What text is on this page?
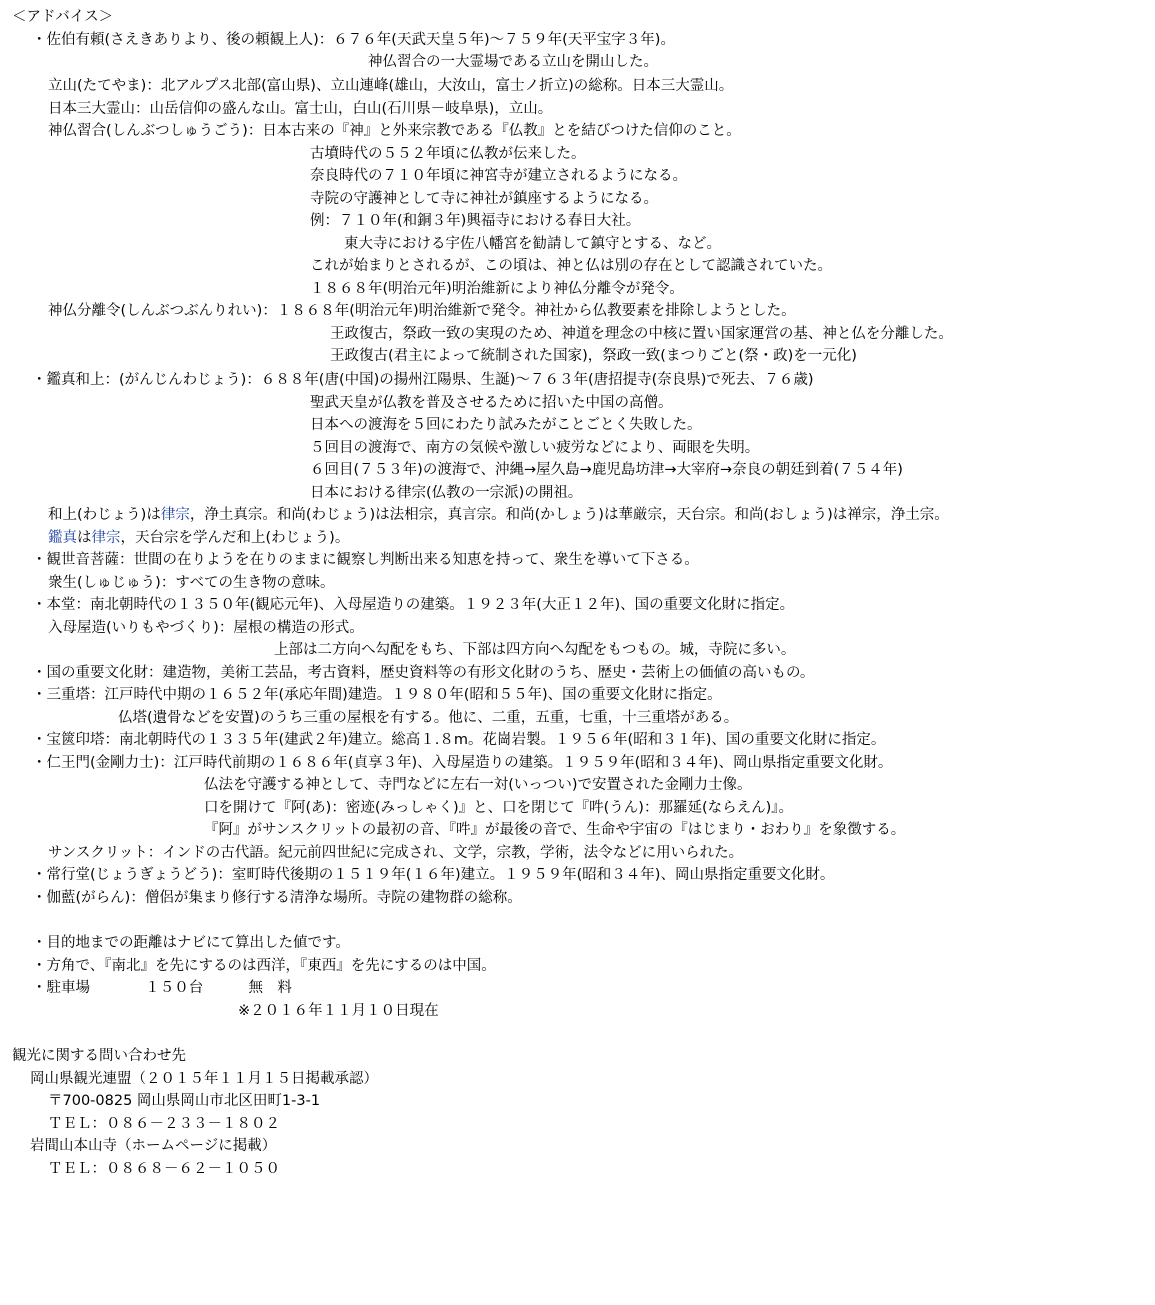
＜アドバイス＞
・佐伯有頼(さえきありより、後の頼観上人)：６７６年(天武天皇５年)～７５９年(天平宝字３年)。
神仏習合の一大霊場である立山を開山した。
立山(たてやま)：北アルプス北部(富山県)、立山連峰(雄山，大汝山，富士ノ折立)の総称。日本三大霊山。
日本三大霊山：山岳信仰の盛んな山。富士山，白山(石川県－岐阜県)，立山。
神仏習合(しんぶつしゅうごう)：日本古来の『神』と外来宗教である『仏教』とを結びつけた信仰のこと。
古墳時代の５５２年頃に仏教が伝来した。
奈良時代の７１０年頃に神宮寺が建立されるようになる。
寺院の守護神として寺に神社が鎮座するようになる。
例：７１０年(和銅３年)興福寺における春日大社。
東大寺における宇佐八幡宮を勧請して鎮守とする、など。
これが始まりとされるが、この頃は、神と仏は別の存在として認識されていた。
１８６８年(明治元年)明治維新により神仏分離令が発令。
神仏分離令(しんぶつぶんりれい)：１８６８年(明治元年)明治維新で発令。神社から仏教要素を排除しようとした。
王政復古，祭政一致の実現のため、神道を理念の中核に置い国家運営の基、神と仏を分離した。
王政復古(君主によって統制された国家)，祭政一致(まつりごと(祭・政)を一元化)
・鑑真和上：(がんじんわじょう)：６８８年(唐(中国)の揚州江陽県、生誕)～７６３年(唐招提寺(奈良県)で死去、７６歳)
聖武天皇が仏教を普及させるために招いた中国の高僧。
日本への渡海を５回にわたり試みたがことごとく失敗した。
５回目の渡海で、南方の気候や激しい疲労などにより、両眼を失明。
６回目(７５３年)の渡海で、沖縄→屋久島→鹿児島坊津→大宰府→奈良の朝廷到着(７５４年)
日本における律宗(仏教の一宗派)の開祖。
和上(わじょう)は律宗，浄土真宗。和尚(わじょう)は法相宗，真言宗。和尚(かしょう)は華厳宗，天台宗。和尚(おしょう)は禅宗，浄土宗。
鑑真は律宗，天台宗を学んだ和上(わじょう)。
・観世音菩薩：世間の在りようを在りのままに観察し判断出来る知恵を持って、衆生を導いて下さる。
衆生(しゅじゅう)：すべての生き物の意味。
・本堂：南北朝時代の１３５０年(観応元年)、入母屋造りの建築。１９２３年(大正１２年)、国の重要文化財に指定。
入母屋造(いりもやづくり)：屋根の構造の形式。
上部は二方向へ勾配をもち、下部は四方向へ勾配をもつもの。城，寺院に多い。
・国の重要文化財：建造物，美術工芸品，考古資料，歴史資料等の有形文化財のうち、歴史・芸術上の価値の高いもの。
・三重塔：江戸時代中期の１６５２年(承応年間)建造。１９８０年(昭和５５年)、国の重要文化財に指定。
仏塔(遺骨などを安置)のうち三重の屋根を有する。他に、二重，五重，七重，十三重塔がある。
・宝篋印塔：南北朝時代の１３３５年(建武２年)建立。総高１.８m。花崗岩製。１９５６年(昭和３１年)、国の重要文化財に指定。
・仁王門(金剛力士)：江戸時代前期の１６８６年(貞享３年)、入母屋造りの建築。１９５９年(昭和３４年)、岡山県指定重要文化財。
仏法を守護する神として、寺門などに左右一対(いっつい)で安置された金剛力士像。
口を開けて『阿(あ)：密迹(みっしゃく)』と、口を閉じて『吽(うん)：那羅延(ならえん)』。
『阿』がサンスクリットの最初の音、『吽』が最後の音で、生命や宇宙の『はじまり・おわり』を象徴する。
サンスクリット：インドの古代語。紀元前四世紀に完成され、文学，宗教，学術，法令などに用いられた。
・常行堂(じょうぎょうどう)：室町時代後期の１５１９年(１６年)建立。１９５９年(昭和３４年)、岡山県指定重要文化財。
・伽藍(がらん)：僧侶が集まり修行する清浄な場所。寺院の建物群の総称。
・目的地までの距離はナビにて算出した値です。
・方角で、『南北』を先にするのは西洋，『東西』を先にするのは中国。
・駐車場	１５０台	無　料
※２０１６年１１月１０日現在
観光に関する問い合わせ先
岡山県観光連盟（２０１５年１１月１５日掲載承認）
〒700-0825 岡山県岡山市北区田町1-3-1
ＴＥＬ：０８６－２３３－１８０２
岩間山本山寺（ホームページに掲載）
ＴＥＬ：０８６８－６２－１０５０
